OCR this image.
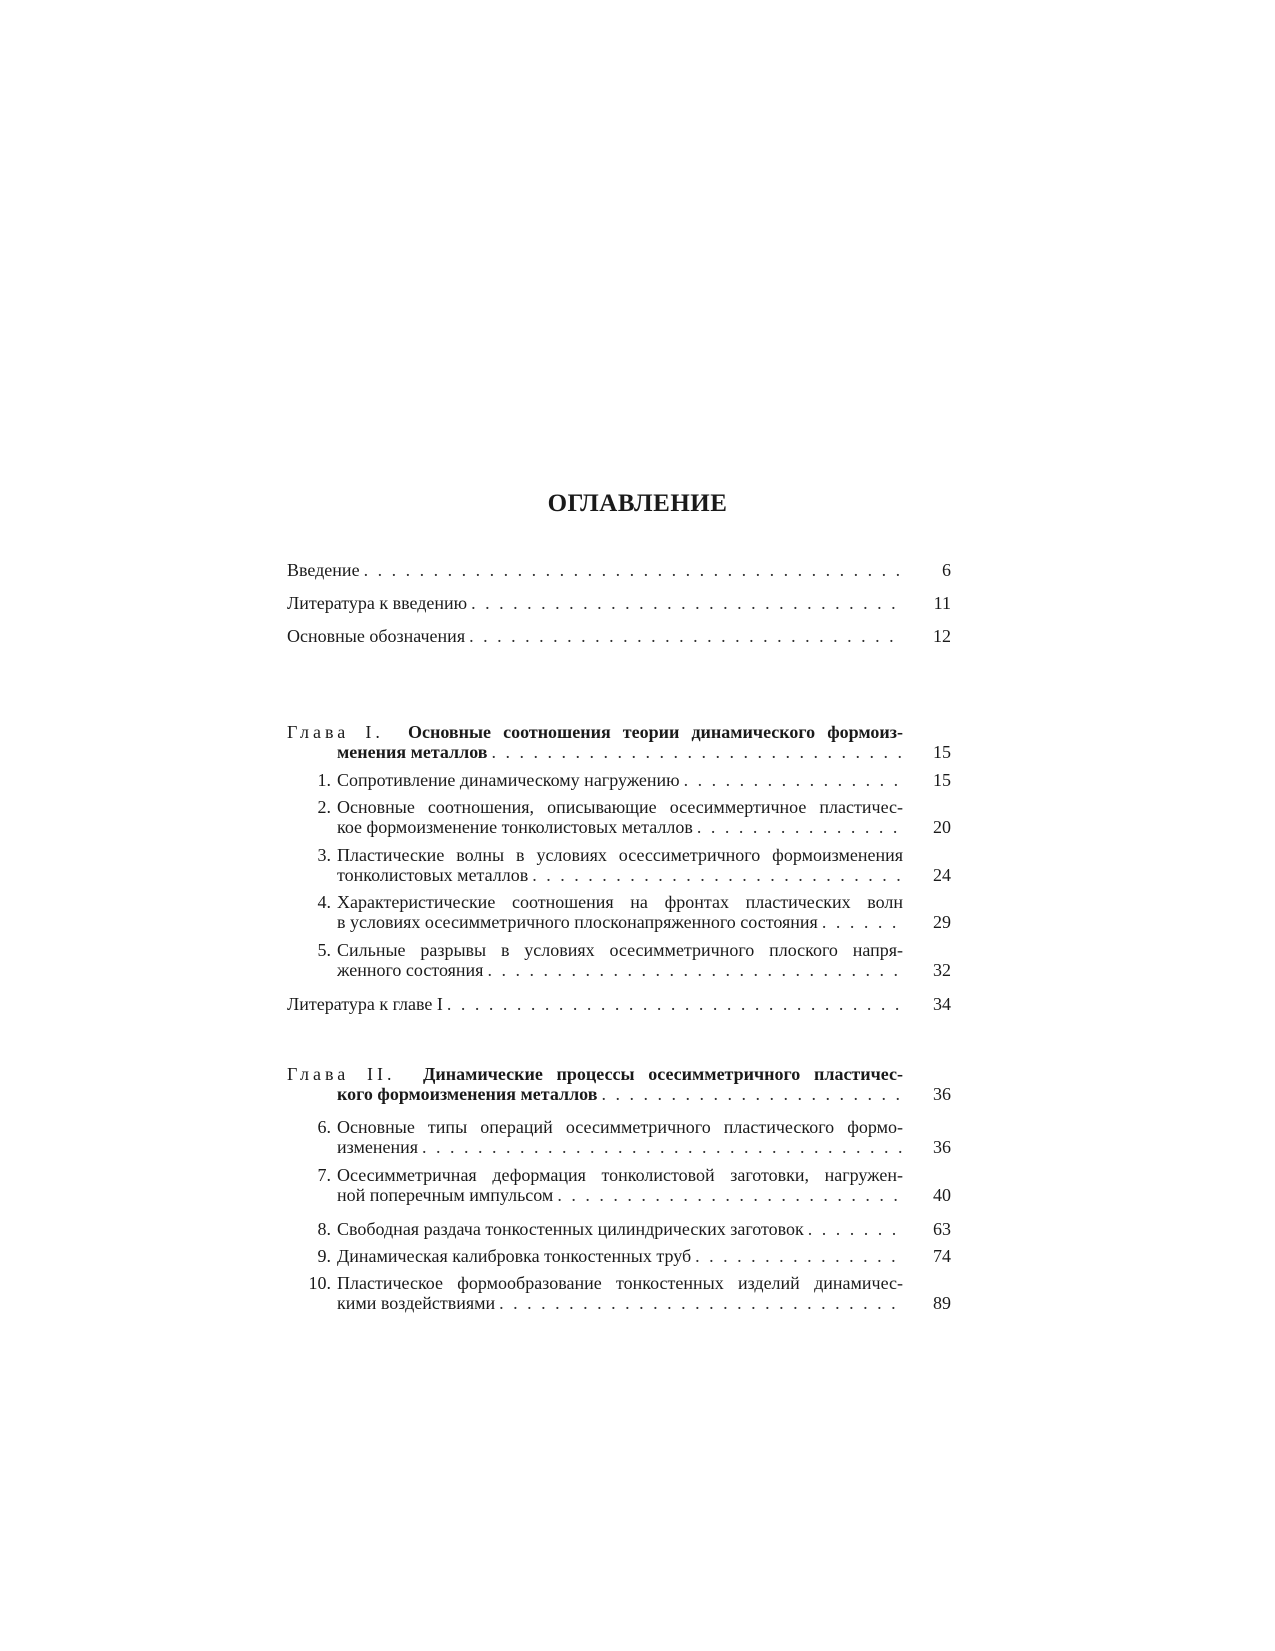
ОГЛАВЛЕНИЕ
Введение . . .	6
Литература к введению . . .	11
Основные обозначения . . .	12
Глава I. Основные соотношения теории динамического формоиз-
менения металлов . . .	15
1. Сопротивление динамическому нагружению . . .	15
2. Основные соотношения, описывающие осесиммертичное пластичес-
кое формоизменение тонколистовых металлов . . .	20
3. Пластические волны в условиях осессиметричного формоизменения
тонколистовых металлов . . .	24
4. Характеристические соотношения на фронтах пластических волн
в условиях осесимметричного плосконапряженного состояния . . .	29
5. Сильные разрывы в условиях осесимметричного плоского напря-
женного состояния . . .	32
Литература к главе I . . .	34
Глава II. Динамические процессы осесимметричного пластичес-
кого формоизменения металлов . . .	36
6. Основные типы операций осесимметричного пластического формо-
изменения . . .	36
7. Осесимметричная деформация тонколистовой заготовки, нагружен-
ной поперечным импульсом . . .	40
8. Свободная раздача тонкостенных цилиндрических заготовок . . .	63
9. Динамическая калибровка тонкостенных труб . . .	74
10. Пластическое формообразование тонкостенных изделий динамичес-
кими воздействиями . . .	89
